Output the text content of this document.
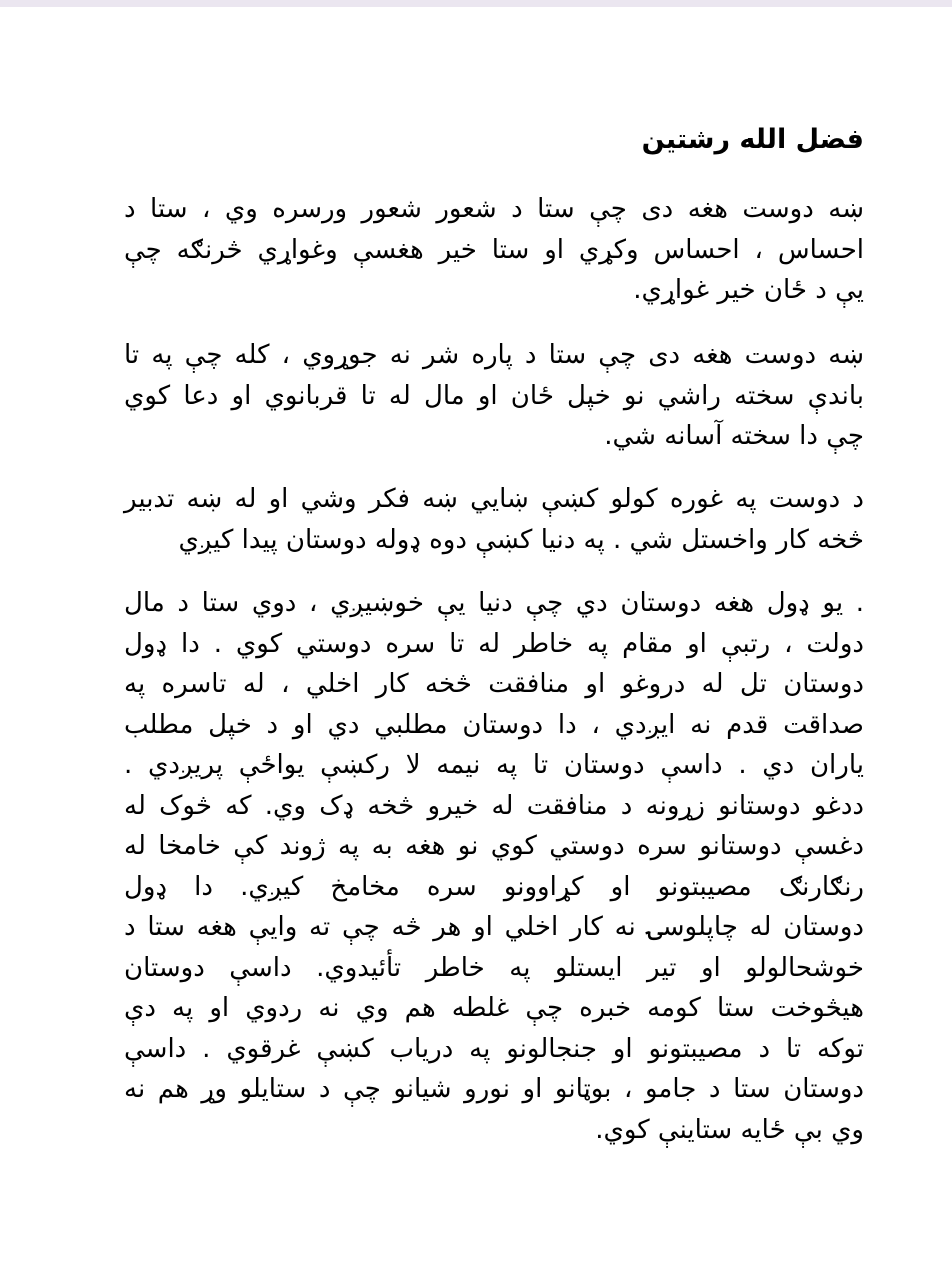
فضل الله رشتين
ښه دوست هغه دی چې ستا د شعور شعور ورسره وي ، ستا د
احساس ، احساس وکړي او ستا خیر هغسې وغواړي څرنګه چې
یې د ځان خیر غواړي.
ښه دوست هغه دی چې ستا د پاره شر نه جوړوي ، کله چې په تا
باندې سخته راشي نو خپل ځان او مال له تا قربانوي او دعا کوي
چې دا سخته آسانه شي.
د دوست په غوره کولو کښې ښایي ښه فکر وشي او له ښه تدبیر
څخه کار واخستل شي . په دنیا کښې دوه ډوله دوستان پیدا کیږي
. یو ډول هغه دوستان دي چې دنیا یې خوښیږي ، دوي ستا د مال
دولت ، رتبې او مقام په خاطر له تا سره دوستي کوي . دا ډول
دوستان تل له دروغو او منافقت څخه کار اخلي ، له تاسره په
صداقت قدم نه ایږدي ، دا دوستان مطلبي دي او د خپل مطلب
یاران دي . داسې دوستان تا په نیمه لا رکښې یواځې پریږدي .
ددغو دوستانو زړونه د منافقت له خیرو څخه ډک وي. که څوک له
دغسې دوستانو سره دوستي کوي نو هغه به په ژوند کې خامخا له
رنګارنګ مصیبتونو او کړاوونو سره مخامخ کیږي. دا ډول
دوستان له چاپلوسۍ نه کار اخلي او هر څه چې ته وایې هغه ستا د
خوشحالولو او تیر ایستلو په خاطر تأئیدوي. داسې دوستان
هیڅوخت ستا کومه خبره چې غلطه هم وي نه ردوي او په دې
توکه تا د مصیبتونو او جنجالونو په دریاب کښې غرقوي . داسې
دوستان ستا د جامو ، بوټانو او نورو شیانو چې د ستایلو وړ هم نه
وي بې ځایه ستاینې کوي.
